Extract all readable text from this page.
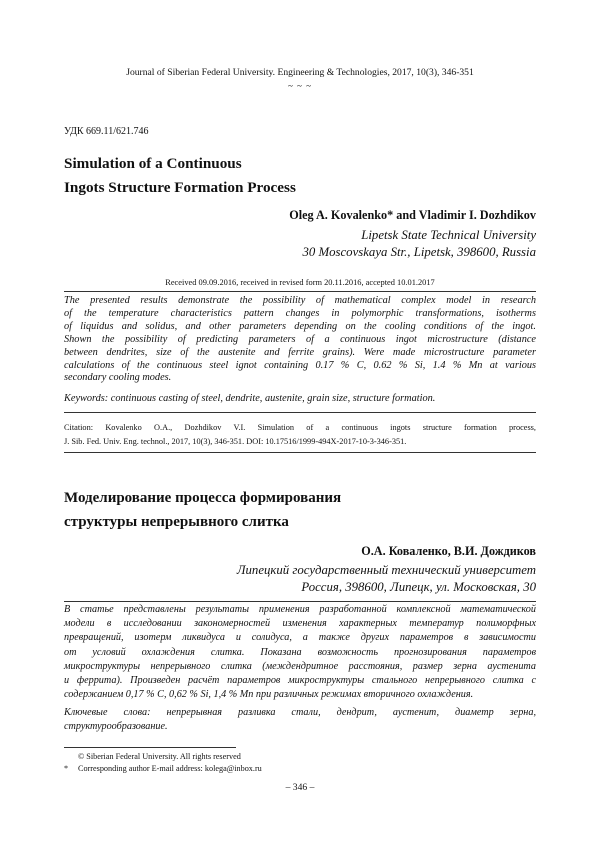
Journal of Siberian Federal University. Engineering & Technologies, 2017, 10(3), 346-351
~ ~ ~
УДК 669.11/621.746
Simulation of a Continuous
Ingots Structure Formation Process
Oleg A. Kovalenko* and Vladimir I. Dozhdikov
Lipetsk State Technical University
30 Moscovskaya Str., Lipetsk, 398600, Russia
Received 09.09.2016, received in revised form 20.11.2016, accepted 10.01.2017
The presented results demonstrate the possibility of mathematical complex model in research
of the temperature characteristics pattern changes in polymorphic transformations, isotherms
of liquidus and solidus, and other parameters depending on the cooling conditions of the ingot.
Shown the possibility of predicting parameters of a continuous ingot microstructure (distance
between dendrites, size of the austenite and ferrite grains). Were made microstructure parameter
calculations of the continuous steel ignot containing 0.17 % C, 0.62 % Si, 1.4 % Mn at various
secondary cooling modes.
Keywords: continuous casting of steel, dendrite, austenite, grain size, structure formation.
Citation: Kovalenko O.A., Dozhdikov V.I. Simulation of a continuous ingots structure formation process,
J. Sib. Fed. Univ. Eng. technol., 2017, 10(3), 346-351. DOI: 10.17516/1999-494X-2017-10-3-346-351.
Моделирование процесса формирования
структуры непрерывного слитка
О.А. Коваленко, В.И. Дождиков
Липецкий государственный технический университет
Россия, 398600, Липецк, ул. Московская, 30
В статье представлены результаты применения разработанной комплексной математической
модели в исследовании закономерностей изменения характерных температур полиморфных
превращений, изотерм ликвидуса и солидуса, а также других параметров в зависимости
от условий охлаждения слитка. Показана возможность прогнозирования параметров
микроструктуры непрерывного слитка (междендритное расстояния, размер зерна аустенита
и феррита). Произведен расчёт параметров микроструктуры стального непрерывного слитка с
содержанием 0,17 % C, 0,62 % Si, 1,4 % Mn при различных режимах вторичного охлаждения.
Ключевые слова: непрерывная разливка стали, дендрит, аустенит, диаметр зерна,
структурообразование.
© Siberian Federal University. All rights reserved
* Corresponding author E-mail address: kolega@inbox.ru
– 346 –
